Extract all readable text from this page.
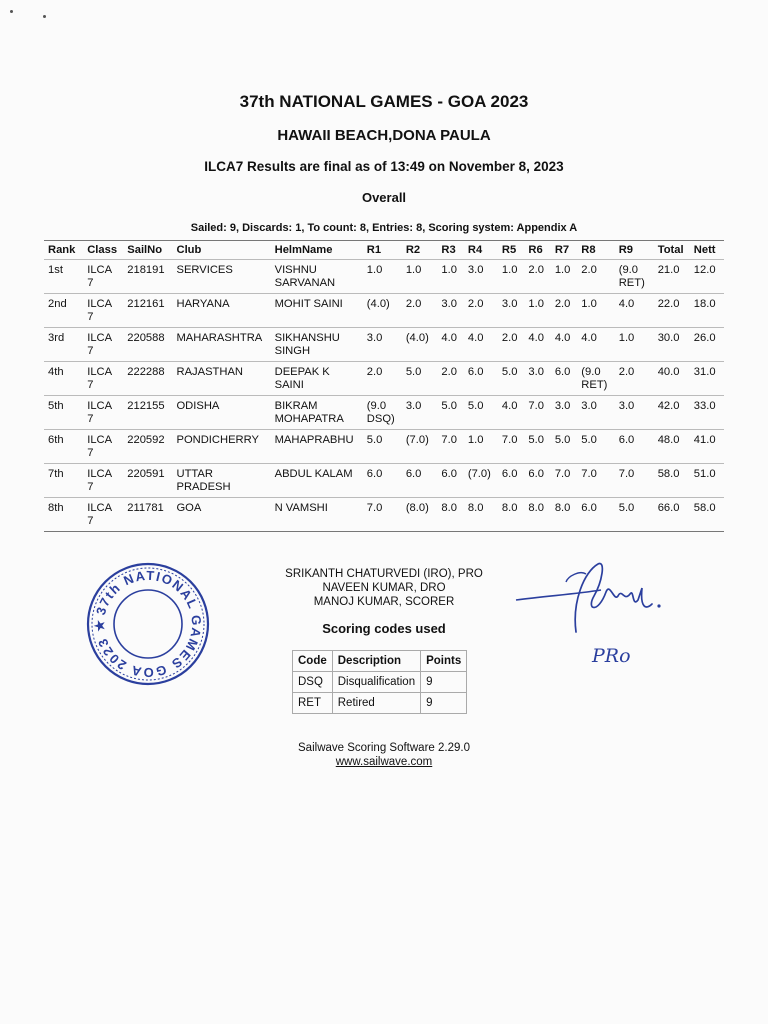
37th NATIONAL GAMES - GOA 2023
HAWAII BEACH,DONA PAULA
ILCA7 Results are final as of 13:49 on November 8, 2023
Overall
Sailed: 9, Discards: 1, To count: 8, Entries: 8, Scoring system: Appendix A
Rank	Class	SailNo	Club	HelmName	R1	R2	R3	R4	R5	R6	R7	R8	R9	Total	Nett
1st	ILCA 7	218191	SERVICES	VISHNU SARVANAN	1.0	1.0	1.0	3.0	1.0	2.0	1.0	2.0	(9.0 RET)	21.0	12.0
2nd	ILCA 7	212161	HARYANA	MOHIT SAINI	(4.0)	2.0	3.0	2.0	3.0	1.0	2.0	1.0	4.0	22.0	18.0
3rd	ILCA 7	220588	MAHARASHTRA	SIKHANSHU SINGH	3.0	(4.0)	4.0	4.0	2.0	4.0	4.0	4.0	1.0	30.0	26.0
4th	ILCA 7	222288	RAJASTHAN	DEEPAK K SAINI	2.0	5.0	2.0	6.0	5.0	3.0	6.0	(9.0 RET)	2.0	40.0	31.0
5th	ILCA 7	212155	ODISHA	BIKRAM MOHAPATRA	(9.0 DSQ)	3.0	5.0	5.0	4.0	7.0	3.0	3.0	3.0	42.0	33.0
6th	ILCA 7	220592	PONDICHERRY	MAHAPRABHU	5.0	(7.0)	7.0	1.0	7.0	5.0	5.0	5.0	6.0	48.0	41.0
7th	ILCA 7	220591	UTTAR PRADESH	ABDUL KALAM	6.0	6.0	6.0	(7.0)	6.0	6.0	7.0	7.0	7.0	58.0	51.0
8th	ILCA 7	211781	GOA	N VAMSHI	7.0	(8.0)	8.0	8.0	8.0	8.0	8.0	6.0	5.0	66.0	58.0
37th NATIONAL GAMES GOA 2023 ★
PRo
SRIKANTH CHATURVEDI (IRO), PRO
NAVEEN KUMAR, DRO
MANOJ KUMAR, SCORER
Scoring codes used
Code	Description	Points
DSQ	Disqualification	9
RET	Retired	9
Sailwave Scoring Software 2.29.0
www.sailwave.com
